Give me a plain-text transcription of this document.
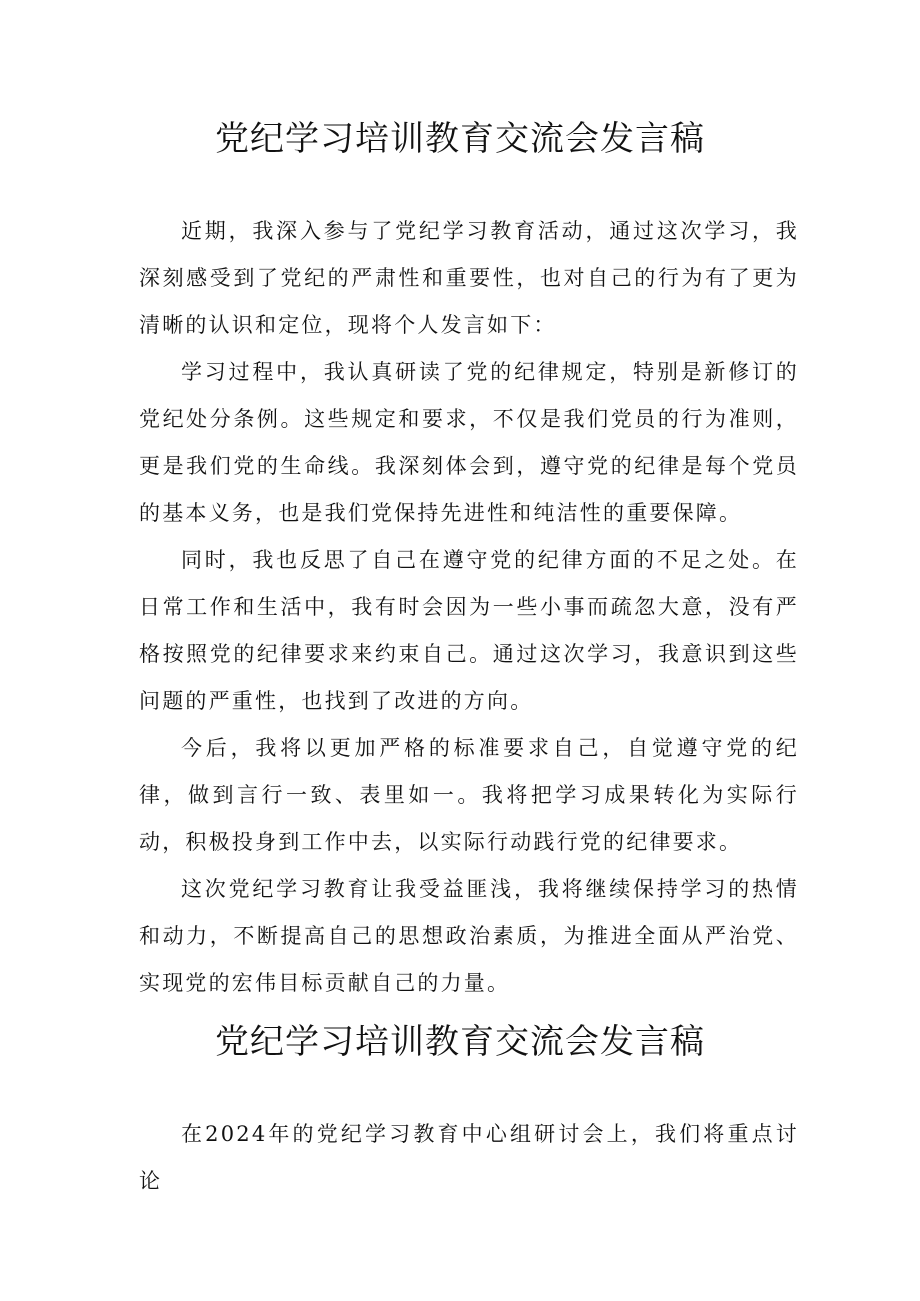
党纪学习培训教育交流会发言稿

近期，我深入参与了党纪学习教育活动，通过这次学习，我深刻感受到了党纪的严肃性和重要性，也对自己的行为有了更为清晰的认识和定位，现将个人发言如下：

学习过程中，我认真研读了党的纪律规定，特别是新修订的党纪处分条例。这些规定和要求，不仅是我们党员的行为准则，更是我们党的生命线。我深刻体会到，遵守党的纪律是每个党员的基本义务，也是我们党保持先进性和纯洁性的重要保障。

同时，我也反思了自己在遵守党的纪律方面的不足之处。在日常工作和生活中，我有时会因为一些小事而疏忽大意，没有严格按照党的纪律要求来约束自己。通过这次学习，我意识到这些问题的严重性，也找到了改进的方向。

今后，我将以更加严格的标准要求自己，自觉遵守党的纪律，做到言行一致、表里如一。我将把学习成果转化为实际行动，积极投身到工作中去，以实际行动践行党的纪律要求。

这次党纪学习教育让我受益匪浅，我将继续保持学习的热情和动力，不断提高自己的思想政治素质，为推进全面从严治党、实现党的宏伟目标贡献自己的力量。

党纪学习培训教育交流会发言稿

在2024年的党纪学习教育中心组研讨会上，我们将重点讨论
